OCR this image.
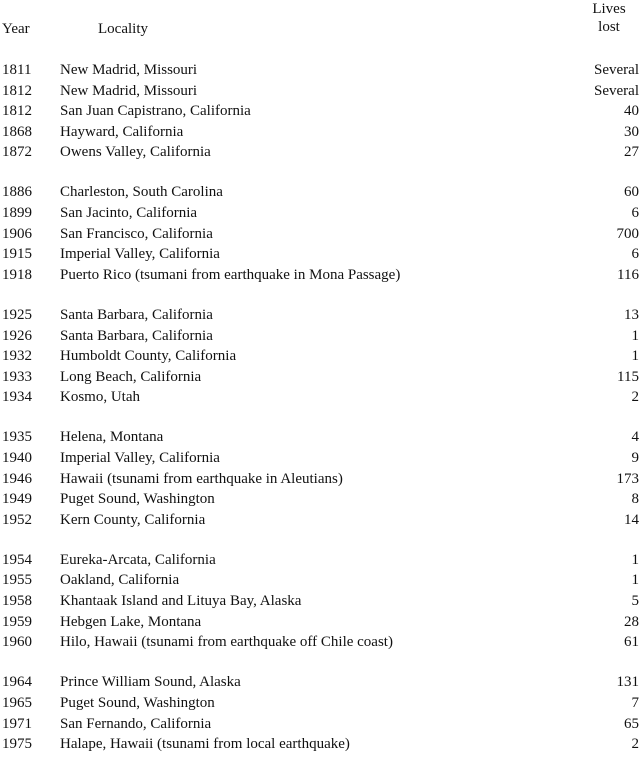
Year	Locality
Lives
lost
1811 New Madrid, Missouri	Several
1812 New Madrid, Missouri	Several
1812 San Juan Capistrano, California	40
1868 Hayward, California	30
1872 Owens Valley, California	27
1886 Charleston, South Carolina	60
1899 San Jacinto, California	6
1906 San Francisco, California	700
1915 Imperial Valley, California	6
1918 Puerto Rico (tsumani from earthquake in Mona Passage)	116
1925 Santa Barbara, California	13
1926 Santa Barbara, California	1
1932 Humboldt County, California	1
1933 Long Beach, California	115
1934 Kosmo, Utah	2
1935 Helena, Montana	4
1940 Imperial Valley, California	9
1946 Hawaii (tsunami from earthquake in Aleutians)	173
1949 Puget Sound, Washington	8
1952 Kern County, California	14
1954 Eureka-Arcata, California	1
1955 Oakland, California	1
1958 Khantaak Island and Lituya Bay, Alaska	5
1959 Hebgen Lake, Montana	28
1960 Hilo, Hawaii (tsunami from earthquake off Chile coast)	61
1964 Prince William Sound, Alaska	131
1965 Puget Sound, Washington	7
1971 San Fernando, California	65
1975 Halape, Hawaii (tsunami from local earthquake)	2
